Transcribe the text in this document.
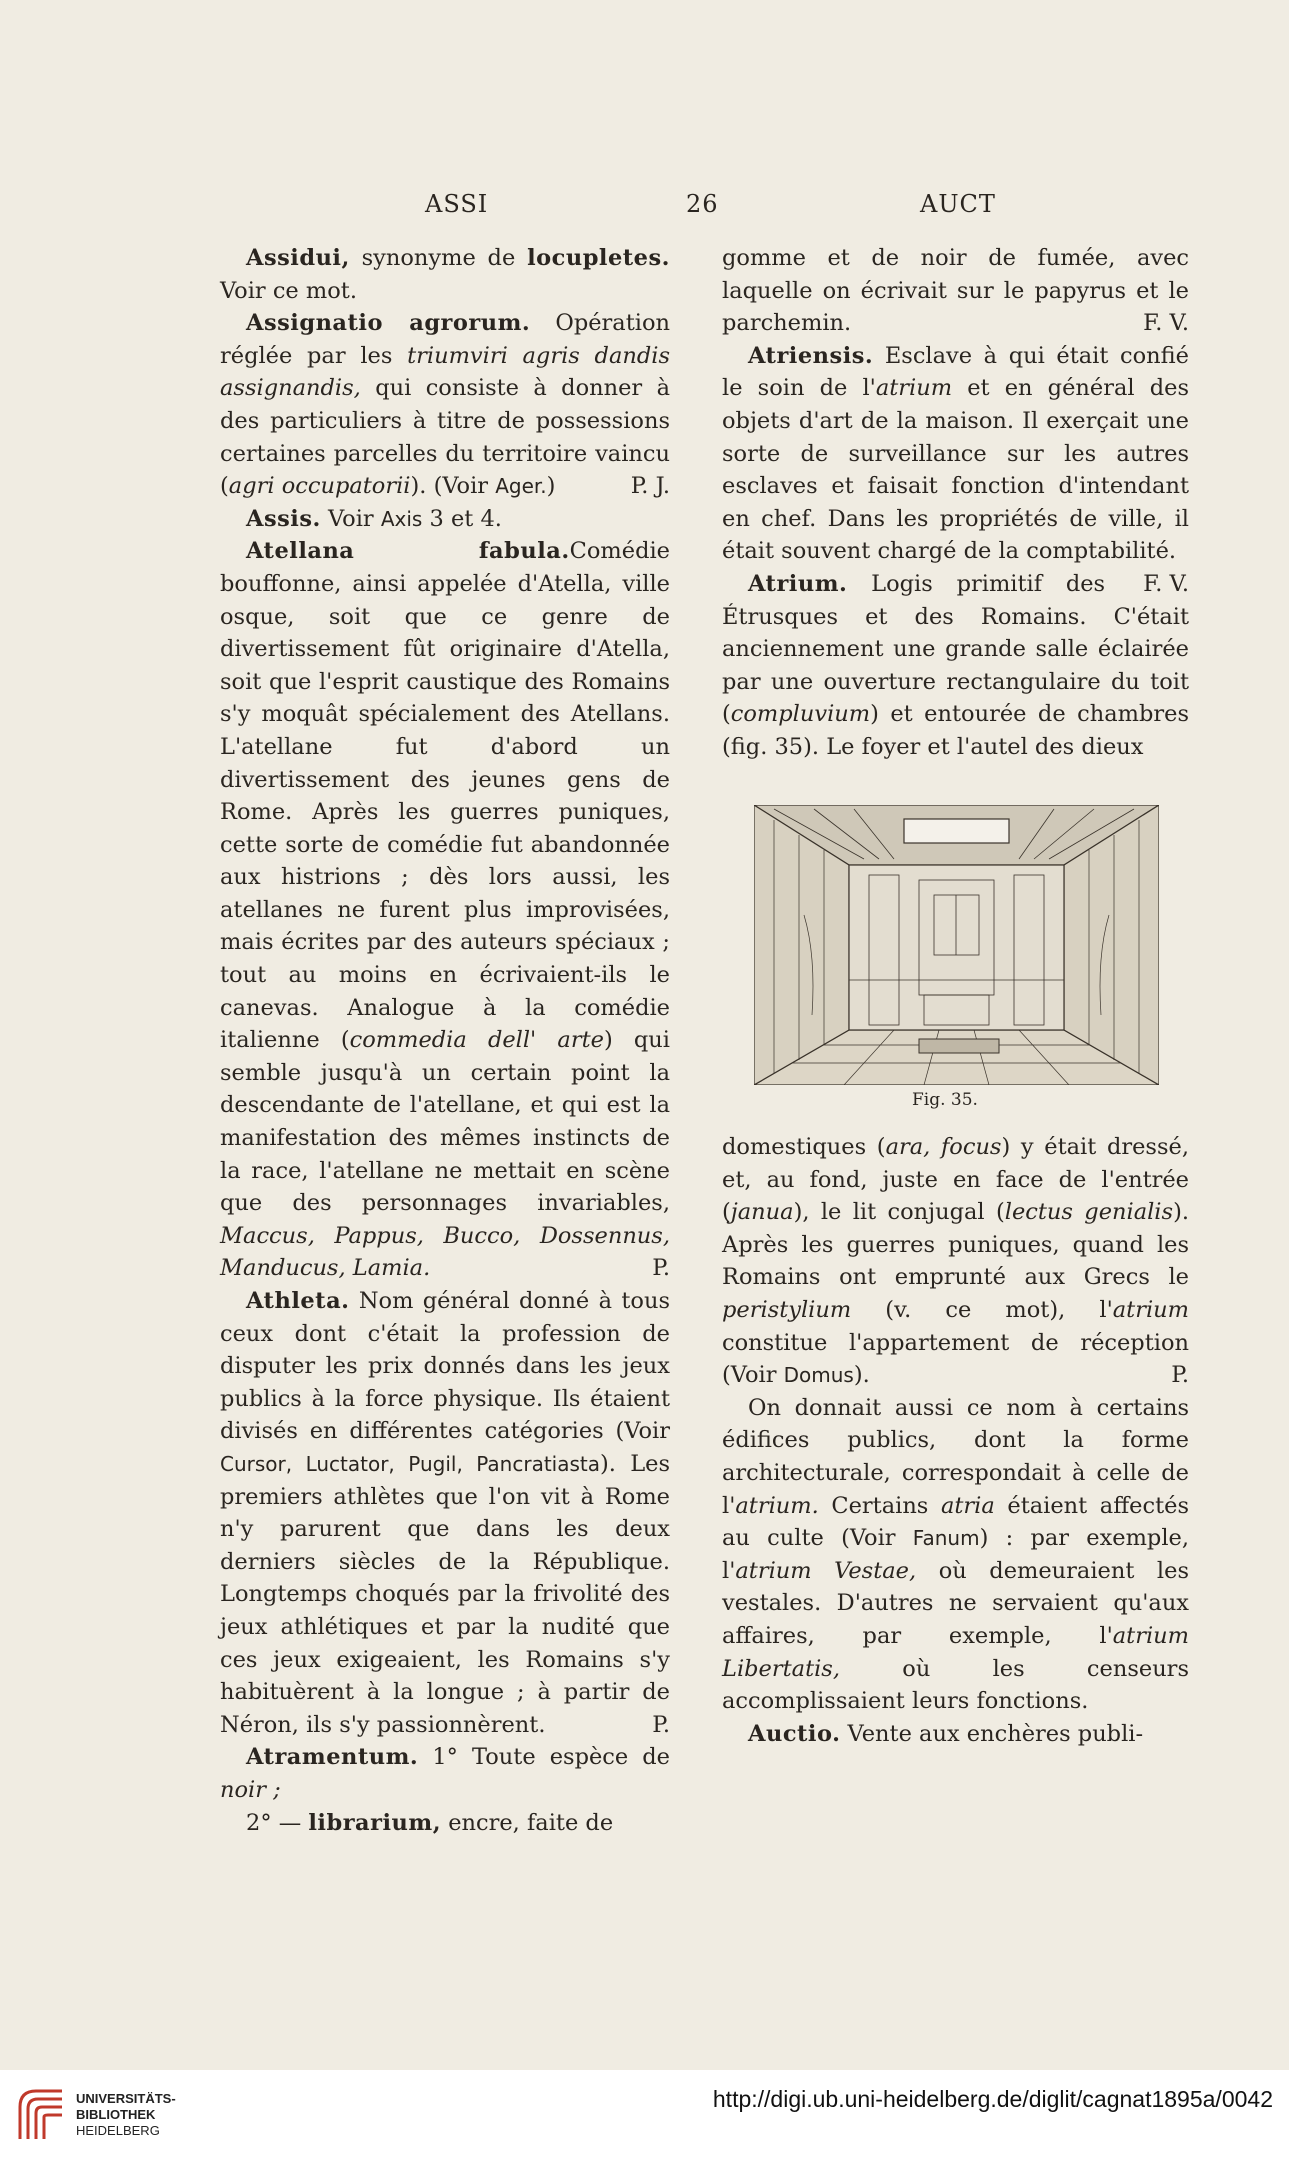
ASSI	26	AUCT

Assidui, synonyme de locupletes. Voir ce mot.

Assignatio agrorum. Opération réglée par les triumviri agris dandis assignandis, qui consiste à donner à des particuliers à titre de possessions certaines parcelles du territoire vaincu (agri occupatorii). (Voir Ager.)	P. J.

Assis. Voir Axis 3 et 4.

Atellana fabula.Comédie bouffonne, ainsi appelée d'Atella, ville osque, soit que ce genre de divertissement fût originaire d'Atella, soit que l'esprit caustique des Romains s'y moquât spécialement des Atellans. L'atellane fut d'abord un divertissement des jeunes gens de Rome. Après les guerres puniques, cette sorte de comédie fut abandonnée aux histrions ; dès lors aussi, les atellanes ne furent plus improvisées, mais écrites par des auteurs spéciaux ; tout au moins en écrivaient-ils le canevas. Analogue à la comédie italienne (commedia dell' arte) qui semble jusqu'à un certain point la descendante de l'atellane, et qui est la manifestation des mêmes instincts de la race, l'atellane ne mettait en scène que des personnages invariables, Maccus, Pappus, Bucco, Dossennus, Manducus, Lamia.	P.

Athleta. Nom général donné à tous ceux dont c'était la profession de disputer les prix donnés dans les jeux publics à la force physique. Ils étaient divisés en différentes catégories (Voir Cursor, Luctator, Pugil, Pancratiasta). Les premiers athlètes que l'on vit à Rome n'y parurent que dans les deux derniers siècles de la République. Longtemps choqués par la frivolité des jeux athlétiques et par la nudité que ces jeux exigeaient, les Romains s'y habituèrent à la longue ; à partir de Néron, ils s'y passionnèrent.	P.

Atramentum. 1° Toute espèce de noir ;

2° — librarium, encre, faite de

gomme et de noir de fumée, avec laquelle on écrivait sur le papyrus et le parchemin.	F. V.

Atriensis. Esclave à qui était confié le soin de l'atrium et en général des objets d'art de la maison. Il exerçait une sorte de surveillance sur les autres esclaves et faisait fonction d'intendant en chef. Dans les propriétés de ville, il était souvent chargé de la comptabilité.
F. V.

Atrium. Logis primitif des Étrusques et des Romains. C'était anciennement une grande salle éclairée par une ouverture rectangulaire du toit (compluvium) et entourée de chambres (fig. 35). Le foyer et l'autel des dieux

Fig. 35.

domestiques (ara, focus) y était dressé, et, au fond, juste en face de l'entrée (janua), le lit conjugal (lectus genialis). Après les guerres puniques, quand les Romains ont emprunté aux Grecs le peristylium (v. ce mot), l'atrium constitue l'appartement de réception (Voir Domus).	P.

On donnait aussi ce nom à certains édifices publics, dont la forme architecturale, correspondait à celle de l'atrium. Certains atria étaient affectés au culte (Voir Fanum) : par exemple, l'atrium Vestae, où demeuraient les vestales. D'autres ne servaient qu'aux affaires, par exemple, l'atrium Libertatis, où les censeurs accomplissaient leurs fonctions.

Auctio. Vente aux enchères publi-

UNIVERSITÄTS-
BIBLIOTHEK
HEIDELBERG
http://digi.ub.uni-heidelberg.de/diglit/cagnat1895a/0042
